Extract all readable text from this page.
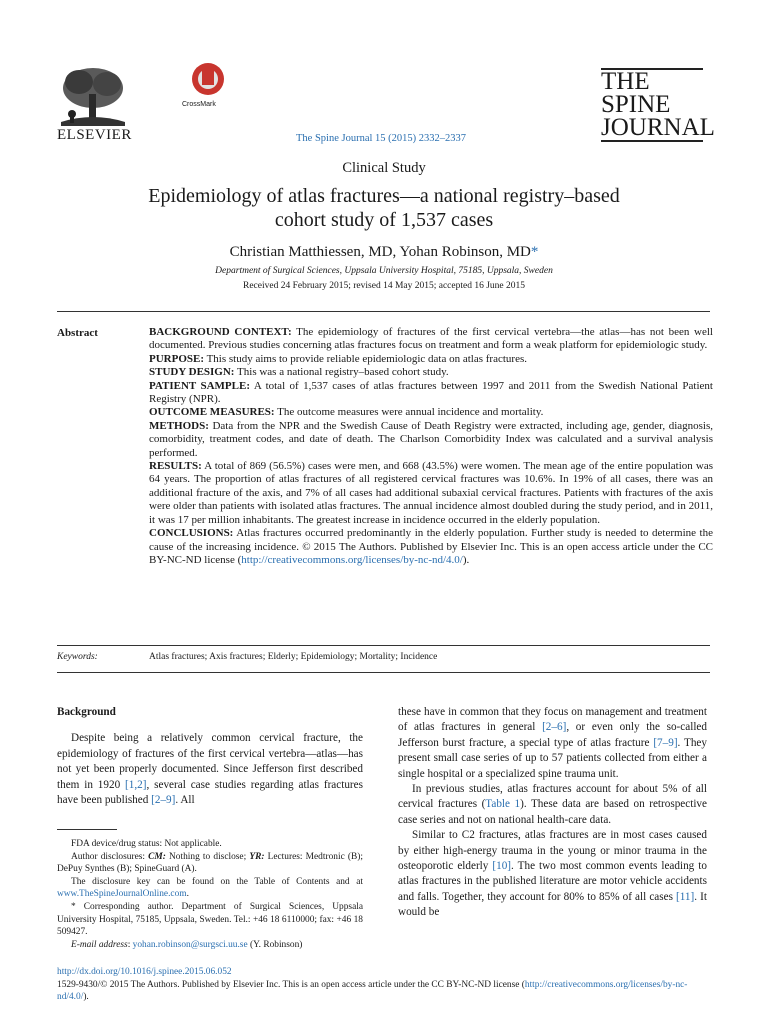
ELSEVIER
CrossMark
The Spine Journal 15 (2015) 2332–2337
THE
SPINE
JOURNAL
Clinical Study
Epidemiology of atlas fractures—a national registry–based
cohort study of 1,537 cases
Christian Matthiessen, MD, Yohan Robinson, MD*
Department of Surgical Sciences, Uppsala University Hospital, 75185, Uppsala, Sweden
Received 24 February 2015; revised 14 May 2015; accepted 16 June 2015
Abstract	BACKGROUND CONTEXT: The epidemiology of fractures of the first cervical vertebra—the atlas—has not been well documented. Previous studies concerning atlas fractures focus on treatment and form a weak platform for epidemiologic study.

PURPOSE: This study aims to provide reliable epidemiologic data on atlas fractures.

STUDY DESIGN: This was a national registry–based cohort study.

PATIENT SAMPLE: A total of 1,537 cases of atlas fractures between 1997 and 2011 from the Swedish National Patient Registry (NPR).

OUTCOME MEASURES: The outcome measures were annual incidence and mortality.

METHODS: Data from the NPR and the Swedish Cause of Death Registry were extracted, including age, gender, diagnosis, comorbidity, treatment codes, and date of death. The Charlson Comorbidity Index was calculated and a survival analysis performed.

RESULTS: A total of 869 (56.5%) cases were men, and 668 (43.5%) were women. The mean age of the entire population was 64 years. The proportion of atlas fractures of all registered cervical fractures was 10.6%. In 19% of all cases, there was an additional fracture of the axis, and 7% of all cases had additional subaxial cervical fractures. Patients with fractures of the axis were older than patients with isolated atlas fractures. The annual incidence almost doubled during the study period, and in 2011, it was 17 per million inhabitants. The greatest increase in incidence occurred in the elderly population.

CONCLUSIONS: Atlas fractures occurred predominantly in the elderly population. Further study is needed to determine the cause of the increasing incidence. © 2015 The Authors. Published by Elsevier Inc. This is an open access article under the CC BY-NC-ND license (http://creativecommons.org/licenses/by-nc-nd/4.0/).

Keywords:	Atlas fractures; Axis fractures; Elderly; Epidemiology; Mortality; Incidence

Background

Despite being a relatively common cervical fracture, the epidemiology of fractures of the first cervical vertebra—atlas—has not yet been properly documented. Since Jefferson first described them in 1920 [1,2], several case studies regarding atlas fractures have been published [2–9]. All

FDA device/drug status: Not applicable.

Author disclosures: CM: Nothing to disclose; YR: Lectures: Medtronic (B); DePuy Synthes (B); SpineGuard (A).

The disclosure key can be found on the Table of Contents and at www.TheSpineJournalOnline.com.

* Corresponding author. Department of Surgical Sciences, Uppsala University Hospital, 75185, Uppsala, Sweden. Tel.: +46 18 6110000; fax: +46 18 509427.

E-mail address: yohan.robinson@surgsci.uu.se (Y. Robinson)

these have in common that they focus on management and treatment of atlas fractures in general [2–6], or even only the so-called Jefferson burst fracture, a special type of atlas fracture [7–9]. They present small case series of up to 57 patients collected from either a single hospital or a specialized spine trauma unit.

In previous studies, atlas fractures account for about 5% of all cervical fractures (Table 1). These data are based on retrospective case series and not on national health-care data.

Similar to C2 fractures, atlas fractures are in most cases caused by either high-energy trauma in the young or minor trauma in the osteoporotic elderly [10]. The two most common events leading to atlas fractures in the published literature are motor vehicle accidents and falls. Together, they account for 80% to 85% of all cases [11]. It would be

http://dx.doi.org/10.1016/j.spinee.2015.06.052

1529-9430/© 2015 The Authors. Published by Elsevier Inc. This is an open access article under the CC BY-NC-ND license (http://creativecommons.org/licenses/by-nc-nd/4.0/).
